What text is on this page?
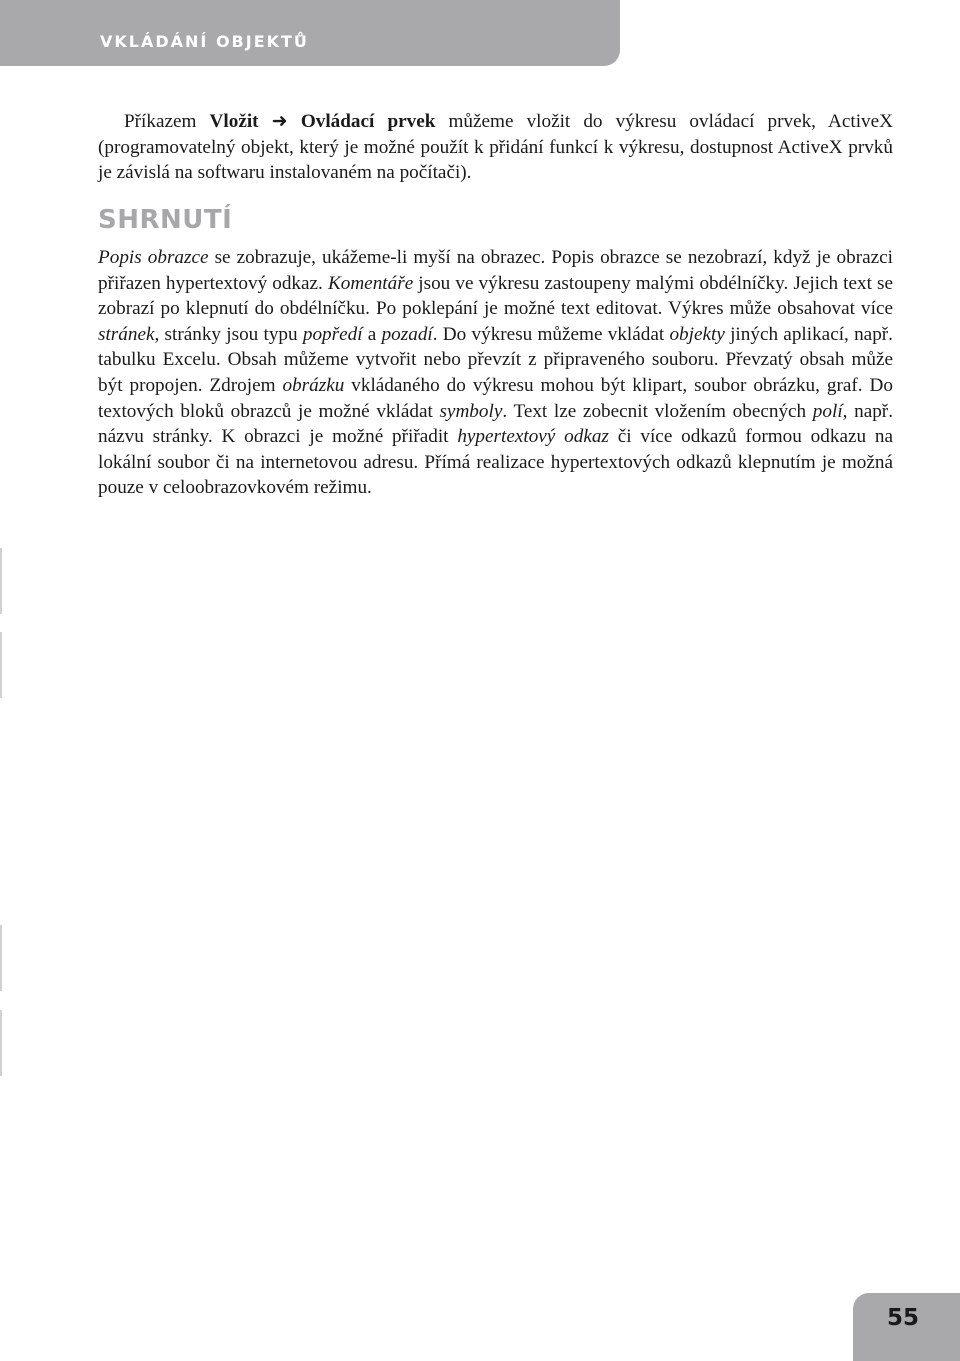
VKLÁDÁNÍ OBJEKTŮ

Příkazem Vložit ➜ Ovládací prvek můžeme vložit do výkresu ovládací prvek, ActiveX (programovatelný objekt, který je možné použít k přidání funkcí k výkresu, dostupnost ActiveX prvků je závislá na softwaru instalovaném na počítači).

SHRNUTÍ

Popis obrazce se zobrazuje, ukážeme-li myší na obrazec. Popis obrazce se nezobrazí, když je obrazci přiřazen hypertextový odkaz. Komentáře jsou ve výkresu zastoupeny malými obdélníčky. Jejich text se zobrazí po klepnutí do obdélníčku. Po poklepání je možné text editovat. Výkres může obsahovat více stránek, stránky jsou typu popředí a pozadí. Do výkresu můžeme vkládat objekty jiných aplikací, např. tabulku Excelu. Obsah můžeme vytvořit nebo převzít z připraveného souboru. Převzatý obsah může být propojen. Zdrojem obrázku vkládaného do výkresu mohou být klipart, soubor obrázku, graf. Do textových bloků obrazců je možné vkládat symboly. Text lze zobecnit vložením obecných polí, např. názvu stránky. K obrazci je možné přiřadit hypertextový odkaz či více odkazů formou odkazu na lokální soubor či na internetovou adresu. Přímá realizace hypertextových odkazů klepnutím je možná pouze v celoobrazovkovém režimu.

55
